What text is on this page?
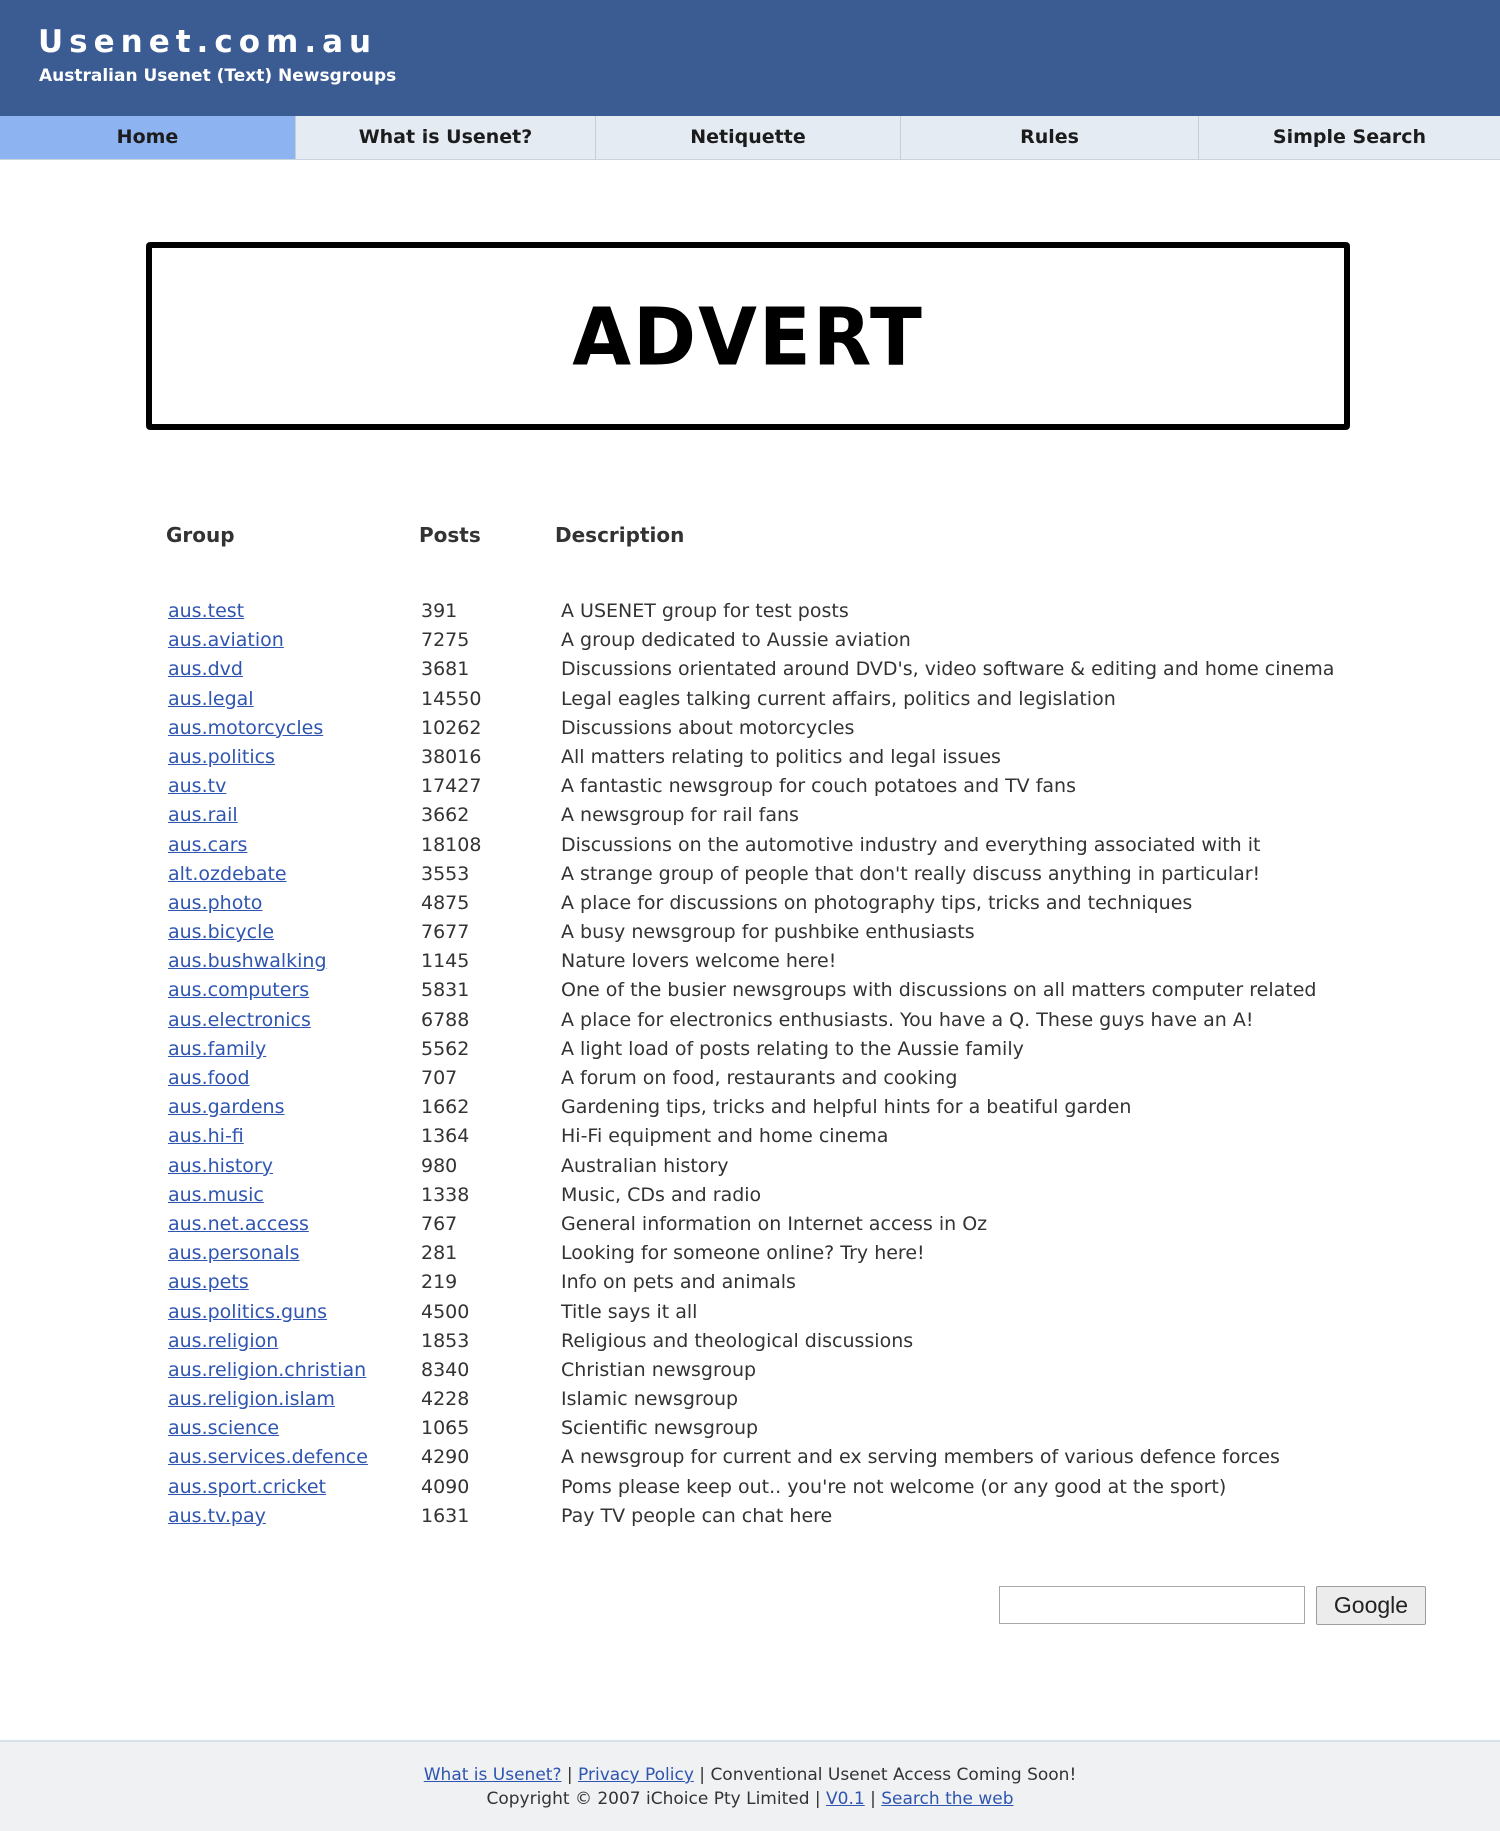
Usenet.com.au
Australian Usenet (Text) Newsgroups
Home	What is Usenet?	Netiquette	Rules	Simple Search
ADVERT
Group	Posts	Description
aus.test	391	A USENET group for test posts
aus.aviation	7275	A group dedicated to Aussie aviation
aus.dvd	3681	Discussions orientated around DVD's, video software & editing and home cinema
aus.legal	14550	Legal eagles talking current affairs, politics and legislation
aus.motorcycles	10262	Discussions about motorcycles
aus.politics	38016	All matters relating to politics and legal issues
aus.tv	17427	A fantastic newsgroup for couch potatoes and TV fans
aus.rail	3662	A newsgroup for rail fans
aus.cars	18108	Discussions on the automotive industry and everything associated with it
alt.ozdebate	3553	A strange group of people that don't really discuss anything in particular!
aus.photo	4875	A place for discussions on photography tips, tricks and techniques
aus.bicycle	7677	A busy newsgroup for pushbike enthusiasts
aus.bushwalking	1145	Nature lovers welcome here!
aus.computers	5831	One of the busier newsgroups with discussions on all matters computer related
aus.electronics	6788	A place for electronics enthusiasts. You have a Q. These guys have an A!
aus.family	5562	A light load of posts relating to the Aussie family
aus.food	707	A forum on food, restaurants and cooking
aus.gardens	1662	Gardening tips, tricks and helpful hints for a beatiful garden
aus.hi-fi	1364	Hi-Fi equipment and home cinema
aus.history	980	Australian history
aus.music	1338	Music, CDs and radio
aus.net.access	767	General information on Internet access in Oz
aus.personals	281	Looking for someone online? Try here!
aus.pets	219	Info on pets and animals
aus.politics.guns	4500	Title says it all
aus.religion	1853	Religious and theological discussions
aus.religion.christian	8340	Christian newsgroup
aus.religion.islam	4228	Islamic newsgroup
aus.science	1065	Scientific newsgroup
aus.services.defence	4290	A newsgroup for current and ex serving members of various defence forces
aus.sport.cricket	4090	Poms please keep out.. you're not welcome (or any good at the sport)
aus.tv.pay	1631	Pay TV people can chat here
Google
What is Usenet? | Privacy Policy | Conventional Usenet Access Coming Soon!
Copyright © 2007 iChoice Pty Limited | V0.1 | Search the web
